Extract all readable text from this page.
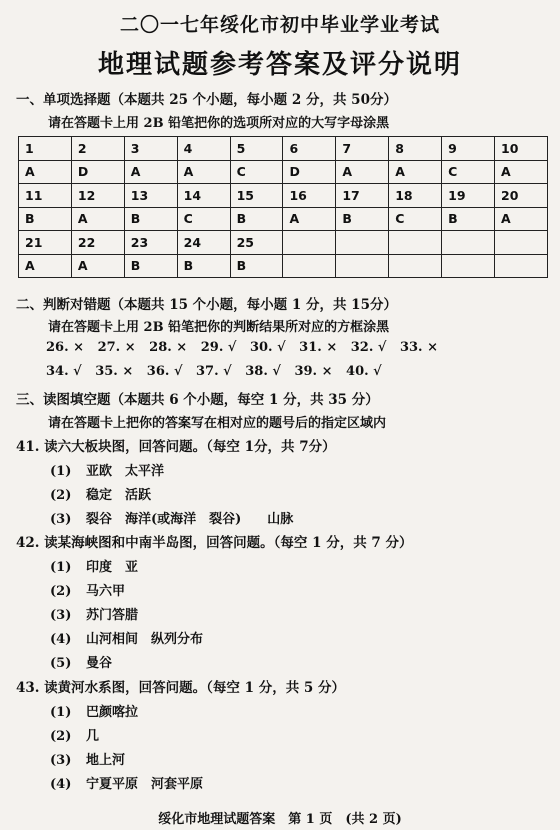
二〇一七年绥化市初中毕业学业考试
地理试题参考答案及评分说明
一、单项选择题（本题共 25 个小题，每小题 2 分，共 50分）
请在答题卡上用 2B 铅笔把你的选项所对应的大写字母涂黑
1	2	3	4	5	6	7	8	9	10
A	D	A	A	C	D	A	A	C	A
11	12	13	14	15	16	17	18	19	20
B	A	B	C	B	A	B	C	B	A
21	22	23	24	25					
A	A	B	B	B					
二、判断对错题（本题共 15 个小题，每小题 1 分，共 15分）
请在答题卡上用 2B 铅笔把你的判断结果所对应的方框涂黑
26. × 27. × 28. × 29. √ 30. √ 31. × 32. √ 33. ×
34. √ 35. × 36. √ 37. √ 38. √ 39. × 40. √
三、读图填空题（本题共 6 个小题，每空 1 分，共 35 分）
请在答题卡上把你的答案写在相对应的题号后的指定区域内
41. 读六大板块图，回答问题。（每空 1分，共 7分）
(1) 亚欧　太平洋
(2) 稳定　活跃
(3) 裂谷　海洋(或海洋　裂谷)　　山脉
42. 读某海峡图和中南半岛图，回答问题。（每空 1 分，共 7 分）
(1) 印度　亚
(2) 马六甲
(3) 苏门答腊
(4) 山河相间　纵列分布
(5) 曼谷
43. 读黄河水系图，回答问题。（每空 1 分，共 5 分）
(1) 巴颜喀拉
(2) 几
(3) 地上河
(4) 宁夏平原　河套平原
绥化市地理试题答案　第 1 页　(共 2 页)
